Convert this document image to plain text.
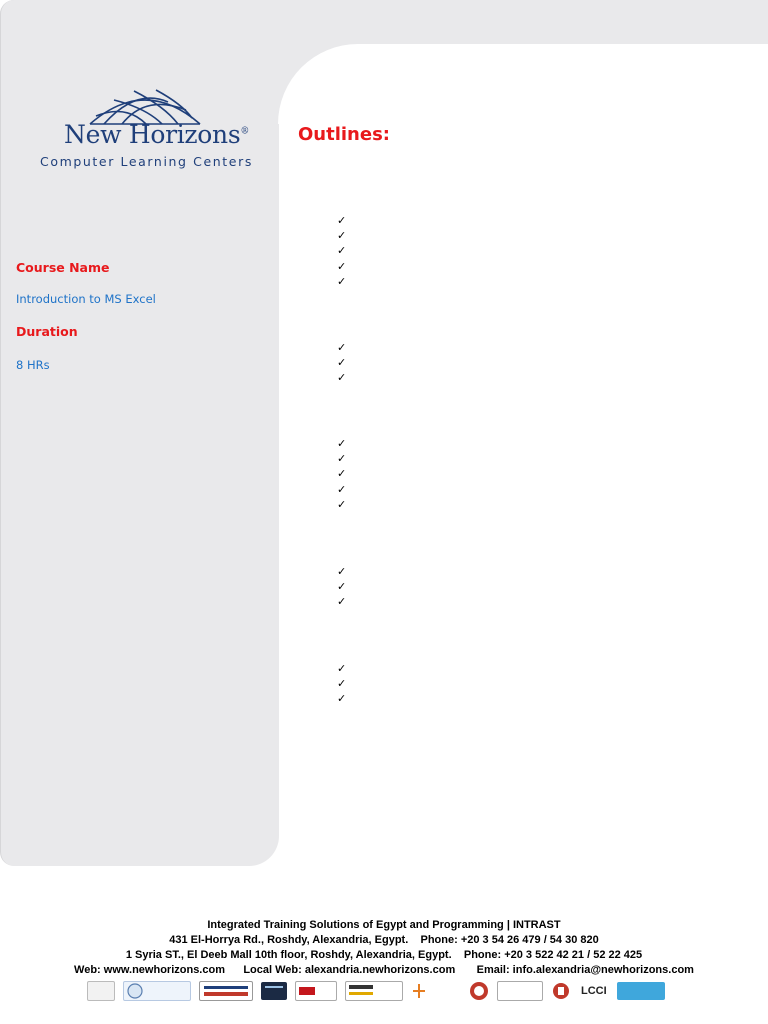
New Horizons®
Computer Learning Centers
Course Name
Introduction to MS Excel
Duration
8 HRs
Outlines:
✓
✓
✓
✓
✓
✓
✓
✓
✓
✓
✓
✓
✓
✓
✓
✓
✓
✓
✓
Integrated Training Solutions of Egypt and Programming | INTRAST
431 El-Horrya Rd., Roshdy, Alexandria, Egypt.    Phone: +20 3 54 26 479 / 54 30 820
1 Syria ST., El Deeb Mall 10th floor, Roshdy, Alexandria, Egypt.    Phone: +20 3 522 42 21 / 52 22 425
Web: www.newhorizons.com      Local Web: alexandria.newhorizons.com       Email: info.alexandria@newhorizons.com
LCCI
